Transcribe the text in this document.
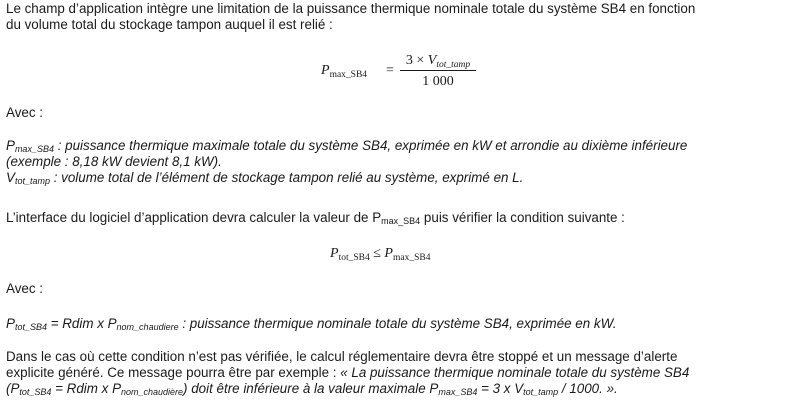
Le champ d’application intègre une limitation de la puissance thermique nominale totale du système SB4 en fonction

du volume total du stockage tampon auquel il est relié :

$P_{max\_SB4}$ =
$3 \times V_{tot\_tamp}$
1 000

Avec :

$P_{max\_SB4}$ : puissance thermique maximale totale du système SB4, exprimée en kW et arrondie au dixième inférieure

(exemple : 8,18 kW devient 8,1 kW).

$V_{tot\_tamp}$ : volume total de l’élément de stockage tampon relié au système, exprimé en L.

L’interface du logiciel d’application devra calculer la valeur de $P_{max\_SB4}$ puis vérifier la condition suivante :

$P_{tot\_SB4} \le P_{max\_SB4}$

Avec :

$P_{tot\_SB4}$ = Rdim x $P_{nom\_chaudiere}$ : puissance thermique nominale totale du système SB4, exprimée en kW.

Dans le cas où cette condition n’est pas vérifiée, le calcul réglementaire devra être stoppé et un message d’alerte

explicite généré. Ce message pourra être par exemple : « La puissance thermique nominale totale du système SB4

($P_{tot\_SB4}$ = Rdim x $P_{nom\_chaudière}$) doit être inférieure à la valeur maximale $P_{max\_SB4} = 3$ x $V_{tot\_tamp} / 1000$. ».
